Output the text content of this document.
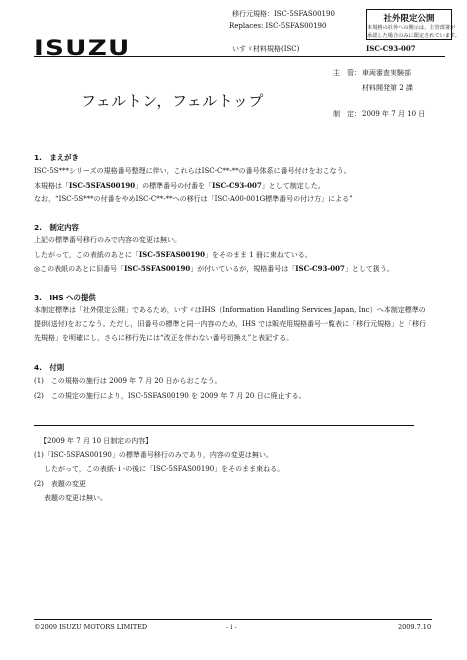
移行元規格：ISC-5SFAS00190
Replaces: ISC-5SFAS00190
ISUZU
社外限定公開
本規格の社外への開示は、主管部署が
承認した場合のみに限定されています。
いすゞ材料規格(ISC)	ISC-C93-007
主　管： 車両審査実験部
材料開発第 2 課
制　定： 2009 年 7 月 10 日
フェルトン，フェルトップ
1.　まえがき
ISC-5S***シリーズの規格番号整理に伴い，これらはISC-C**-**の番号体系に番号付けをおこなう。
本規格は「ISC-5SFAS00190」の標準番号の付番を「ISC-C93-007」として制定した。
なお，“ISC-5S***の付番をやめISC-C**-**への移行は「ISC-A00-001G標準番号の付け方」による”
2.　制定内容
上記の標準番号移行のみで内容の変更は無い。
したがって，この表紙のあとに「ISC-5SFAS00190」をそのまま 1 冊に束ねている。
◎この表紙のあとに旧番号「ISC-5SFAS00190」が付いているが，規格番号は「ISC-C93-007」として扱う。
3.　IHS への提供
本制定標準は「社外限定公開」であるため，いすゞはIHS（Information Handling Services Japan, Inc）へ本制定標準の提供(送付)をおこなう。ただし，旧番号の標準と同一内容のため，IHS では販売用規格番号一覧表に「移行元規格」と「移行先規格」を明確にし，さらに移行先には“改正を伴わない番号切換え”と表記する。
4.　付則
(1)　この規格の施行は 2009 年 7 月 20 日からおこなう。
(2)　この規定の施行により，ISC-5SFAS00190 を 2009 年 7 月 20 日に廃止する。
【2009 年 7 月 10 日制定の内容】
(1)「ISC-5SFAS00190」の標準番号移行のみであり，内容の変更は無い。
したがって，この表紙- i -の後に「ISC-5SFAS00190」をそのまま束ねる。
(2)　表題の変更
表題の変更は無い。
©2009 ISUZU MOTORS LIMITED	- i -	2009.7.10
